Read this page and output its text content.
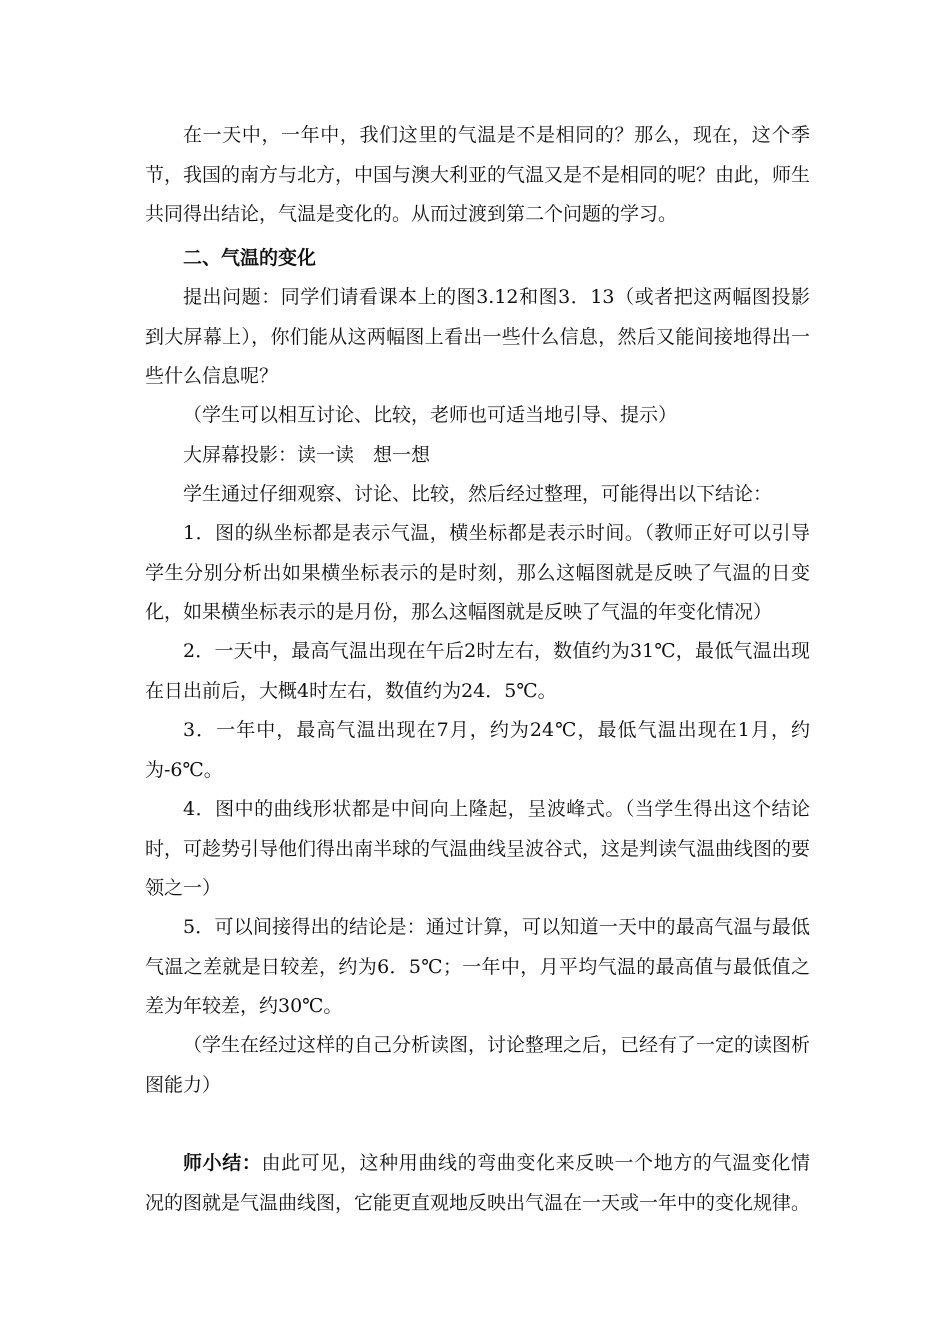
在一天中，一年中，我们这里的气温是不是相同的？那么，现在，这个季节，我国的南方与北方，中国与澳大利亚的气温又是不是相同的呢？由此，师生共同得出结论，气温是变化的。从而过渡到第二个问题的学习。

二、气温的变化

提出问题：同学们请看课本上的图3.12和图3．13（或者把这两幅图投影到大屏幕上），你们能从这两幅图上看出一些什么信息，然后又能间接地得出一些什么信息呢？

（学生可以相互讨论、比较，老师也可适当地引导、提示）

大屏幕投影：读一读　想一想

学生通过仔细观察、讨论、比较，然后经过整理，可能得出以下结论：

1．图的纵坐标都是表示气温，横坐标都是表示时间。（教师正好可以引导学生分别分析出如果横坐标表示的是时刻，那么这幅图就是反映了气温的日变化，如果横坐标表示的是月份，那么这幅图就是反映了气温的年变化情况）

2．一天中，最高气温出现在午后2时左右，数值约为31℃，最低气温出现在日出前后，大概4时左右，数值约为24．5℃。

3．一年中，最高气温出现在7月，约为24℃，最低气温出现在1月，约为-6℃。

4．图中的曲线形状都是中间向上隆起，呈波峰式。（当学生得出这个结论时，可趁势引导他们得出南半球的气温曲线呈波谷式，这是判读气温曲线图的要领之一）

5．可以间接得出的结论是：通过计算，可以知道一天中的最高气温与最低气温之差就是日较差，约为6．5℃；一年中，月平均气温的最高值与最低值之差为年较差，约30℃。

（学生在经过这样的自己分析读图，讨论整理之后，已经有了一定的读图析图能力）

师小结：由此可见，这种用曲线的弯曲变化来反映一个地方的气温变化情况的图就是气温曲线图，它能更直观地反映出气温在一天或一年中的变化规律。
